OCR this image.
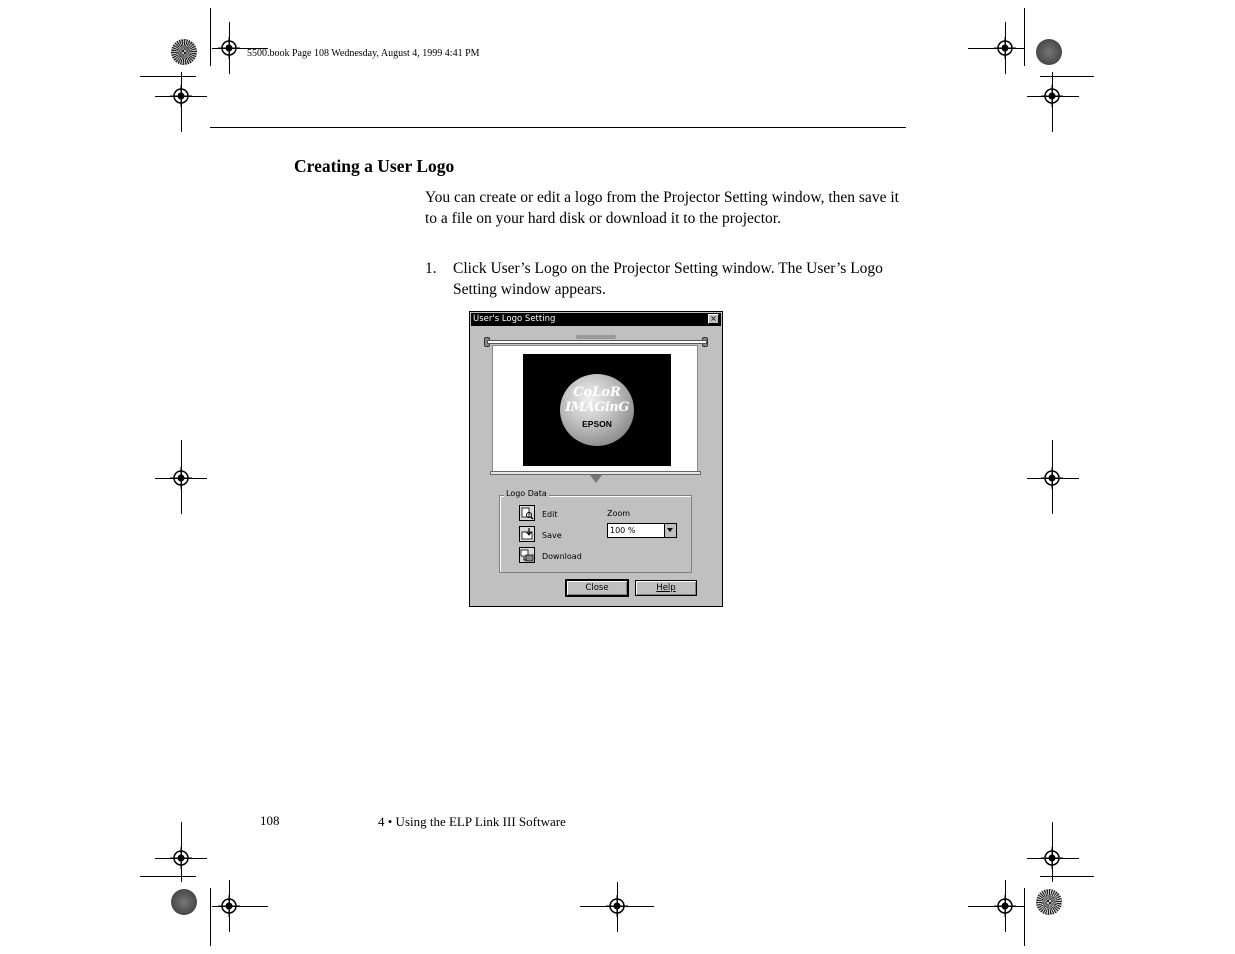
5500.book Page 108 Wednesday, August 4, 1999 4:41 PM
Creating a User Logo
You can create or edit a logo from the Projector Setting window, then save it to a file on your hard disk or download it to the projector.
1. Click User’s Logo on the Projector Setting window. The User’s Logo Setting window appears.
User's Logo Setting	×
CoLoR
IMAGinG
EPSON
Logo Data
Edit
Save
Download
Zoom
100 %
Close	Help
108	4 • Using the ELP Link III Software
